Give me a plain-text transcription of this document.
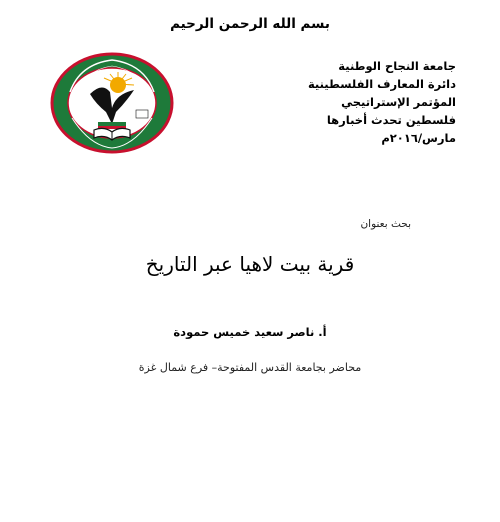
بسم الله الرحمن الرحيم
جامعة النجاح الوطنية
دائرة المعارف الفلسطينية
المؤتمر الإستراتيجي
فلسطين تحدث أخبارها
مارس/٢٠١٦م
بحث بعنوان
قرية بيت لاهيا عبر التاريخ
أ. ناصر سعيد خميس حمودة
محاضر بجامعة القدس المفتوحة– فرع شمال غزة
